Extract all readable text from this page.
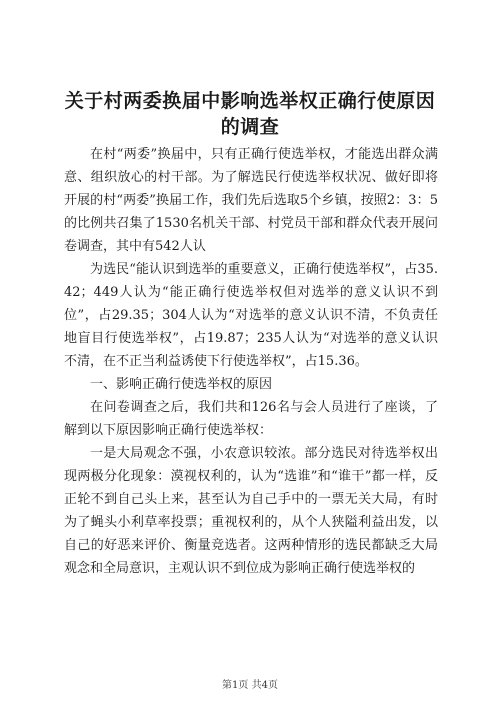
关于村两委换届中影响选举权正确行使原因的调查

在村“两委”换届中，只有正确行使选举权，才能选出群众满意、组织放心的村干部。为了解选民行使选举权状况、做好即将开展的村“两委”换届工作，我们先后选取5个乡镇，按照2：3：5的比例共召集了1530名机关干部、村党员干部和群众代表开展问卷调查，其中有542人认

为选民“能认识到选举的重要意义，正确行使选举权”，占35.42；449人认为“能正确行使选举权但对选举的意义认识不到位”，占29.35；304人认为“对选举的意义认识不清，不负责任地盲目行使选举权”，占19.87；235人认为“对选举的意义认识不清，在不正当利益诱使下行使选举权”，占15.36。

一、影响正确行使选举权的原因

在问卷调查之后，我们共和126名与会人员进行了座谈，了解到以下原因影响正确行使选举权：

一是大局观念不强，小农意识较浓。部分选民对待选举权出现两极分化现象：漠视权利的，认为“选谁”和“谁干”都一样，反正轮不到自己头上来，甚至认为自己手中的一票无关大局，有时为了蝇头小利草率投票；重视权利的，从个人狭隘利益出发，以自己的好恶来评价、衡量竞选者。这两种情形的选民都缺乏大局观念和全局意识，主观认识不到位成为影响正确行使选举权的

第1页 共4页
